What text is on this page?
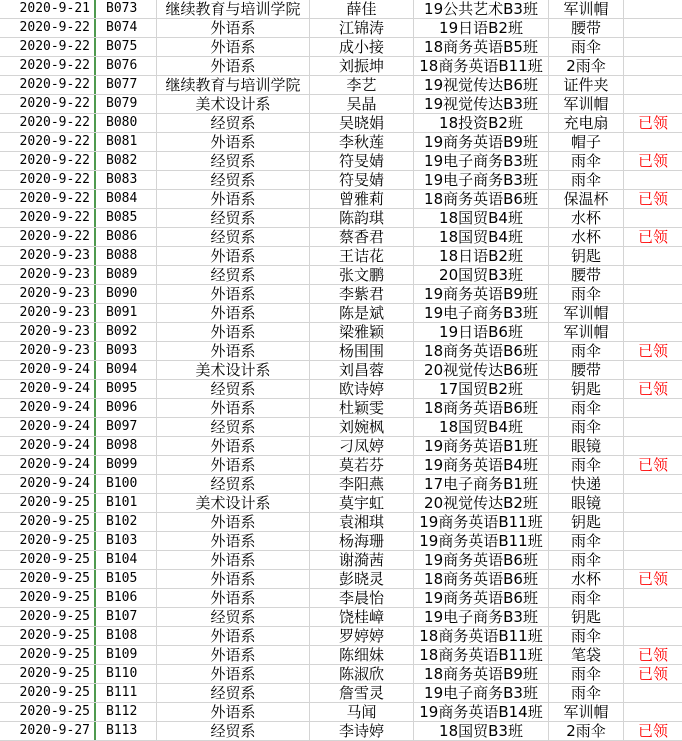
2020-9-21	B073	继续教育与培训学院	薛佳	19公共艺术B3班	军训帽
2020-9-22	B074	外语系	江锦涛	19日语B2班	腰带
2020-9-22	B075	外语系	成小接	18商务英语B5班	雨伞
2020-9-22	B076	外语系	刘振坤	18商务英语B11班	2雨伞
2020-9-22	B077	继续教育与培训学院	李艺	19视觉传达B6班	证件夹
2020-9-22	B079	美术设计系	吴晶	19视觉传达B3班	军训帽
2020-9-22	B080	经贸系	吴晓娟	18投资B2班	充电扇	已领
2020-9-22	B081	外语系	李秋莲	19商务英语B9班	帽子
2020-9-22	B082	经贸系	符旻婧	19电子商务B3班	雨伞	已领
2020-9-22	B083	经贸系	符旻婧	19电子商务B3班	雨伞
2020-9-22	B084	外语系	曾雅莉	18商务英语B6班	保温杯	已领
2020-9-22	B085	经贸系	陈韵琪	18国贸B4班	水杯
2020-9-22	B086	经贸系	蔡香君	18国贸B4班	水杯	已领
2020-9-23	B088	外语系	王诘花	18日语B2班	钥匙
2020-9-23	B089	经贸系	张文鹏	20国贸B3班	腰带
2020-9-23	B090	外语系	李紫君	19商务英语B9班	雨伞
2020-9-23	B091	外语系	陈是斌	19电子商务B3班	军训帽
2020-9-23	B092	外语系	梁雅颖	19日语B6班	军训帽
2020-9-23	B093	外语系	杨围围	18商务英语B6班	雨伞	已领
2020-9-24	B094	美术设计系	刘昌蓉	20视觉传达B6班	腰带
2020-9-24	B095	经贸系	欧诗婷	17国贸B2班	钥匙	已领
2020-9-24	B096	外语系	杜颖雯	18商务英语B6班	雨伞
2020-9-24	B097	经贸系	刘婉枫	18国贸B4班	雨伞
2020-9-24	B098	外语系	刁凤婷	19商务英语B1班	眼镜
2020-9-24	B099	外语系	莫若芬	19商务英语B4班	雨伞	已领
2020-9-24	B100	经贸系	李阳燕	17电子商务B1班	快递
2020-9-25	B101	美术设计系	莫宇虹	20视觉传达B2班	眼镜
2020-9-25	B102	外语系	袁湘琪	19商务英语B11班	钥匙
2020-9-25	B103	外语系	杨海珊	19商务英语B11班	雨伞
2020-9-25	B104	外语系	谢漪茜	19商务英语B6班	雨伞
2020-9-25	B105	外语系	彭晓灵	18商务英语B6班	水杯	已领
2020-9-25	B106	外语系	李晨怡	19商务英语B6班	雨伞
2020-9-25	B107	经贸系	饶桂嶂	19电子商务B3班	钥匙
2020-9-25	B108	外语系	罗婷婷	18商务英语B11班	雨伞
2020-9-25	B109	外语系	陈细妹	18商务英语B11班	笔袋	已领
2020-9-25	B110	外语系	陈淑欣	18商务英语B9班	雨伞	已领
2020-9-25	B111	经贸系	詹雪灵	19电子商务B3班	雨伞
2020-9-25	B112	外语系	马闻	19商务英语B14班	军训帽
2020-9-27	B113	经贸系	李诗婷	18国贸B3班	2雨伞	已领
